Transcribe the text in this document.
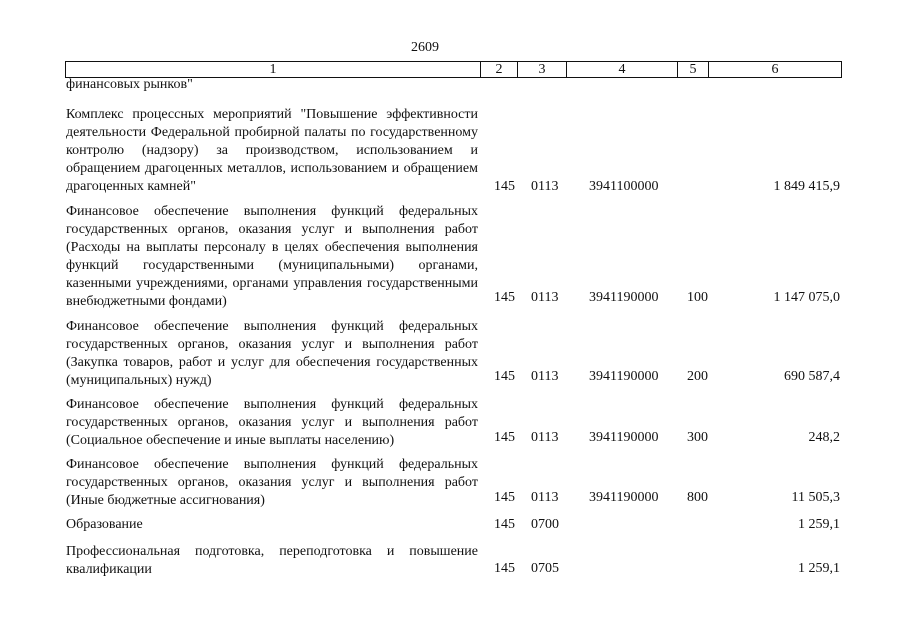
2609
1	2	3	4	5	6
финансовых рынков"
Комплекс процессных мероприятий "Повышение эффективности деятельности Федеральной пробирной палаты по государственному контролю (надзору) за производством, использованием и обращением драгоценных металлов, использованием и обращением драгоценных камней"	145 0113 3941100000	1 849 415,9
Финансовое обеспечение выполнения функций федеральных государственных органов, оказания услуг и выполнения работ (Расходы на выплаты персоналу в целях обеспечения выполнения функций государственными (муниципальными) органами, казенными учреждениями, органами управления государственными внебюджетными фондами)	145 0113 3941190000 100	1 147 075,0
Финансовое обеспечение выполнения функций федеральных государственных органов, оказания услуг и выполнения работ (Закупка товаров, работ и услуг для обеспечения государственных (муниципальных) нужд)	145 0113 3941190000 200	690 587,4
Финансовое обеспечение выполнения функций федеральных государственных органов, оказания услуг и выполнения работ (Социальное обеспечение и иные выплаты населению)	145 0113 3941190000 300	248,2
Финансовое обеспечение выполнения функций федеральных государственных органов, оказания услуг и выполнения работ (Иные бюджетные ассигнования)	145 0113 3941190000 800	11 505,3
Образование	145 0700	1 259,1
Профессиональная подготовка, переподготовка и повышение квалификации	145 0705	1 259,1
